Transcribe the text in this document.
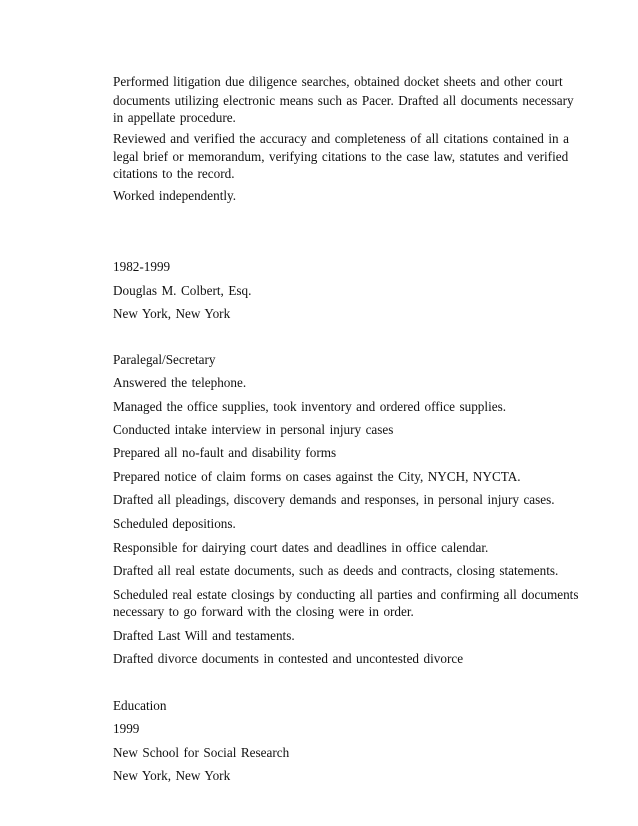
Performed litigation due diligence searches, obtained docket sheets and other court
documents utilizing electronic means such as Pacer. Drafted all documents necessary
in appellate procedure.
Reviewed and verified the accuracy and completeness of all citations contained in a
legal brief or memorandum, verifying citations to the case law, statutes and verified
citations to the record.
Worked independently.
1982-1999
Douglas M. Colbert, Esq.
New York, New York
Paralegal/Secretary
Answered the telephone.
Managed the office supplies, took inventory and ordered office supplies.
Conducted intake interview in personal injury cases
Prepared all no-fault and disability forms
Prepared notice of claim forms on cases against the City, NYCH, NYCTA.
Drafted all pleadings, discovery demands and responses, in personal injury cases.
Scheduled depositions.
Responsible for dairying court dates and deadlines in office calendar.
Drafted all real estate documents, such as deeds and contracts, closing statements.
Scheduled real estate closings by conducting all parties and confirming all documents
necessary to go forward with the closing were in order.
Drafted Last Will and testaments.
Drafted divorce documents in contested and uncontested divorce
Education
1999
New School for Social Research
New York, New York
